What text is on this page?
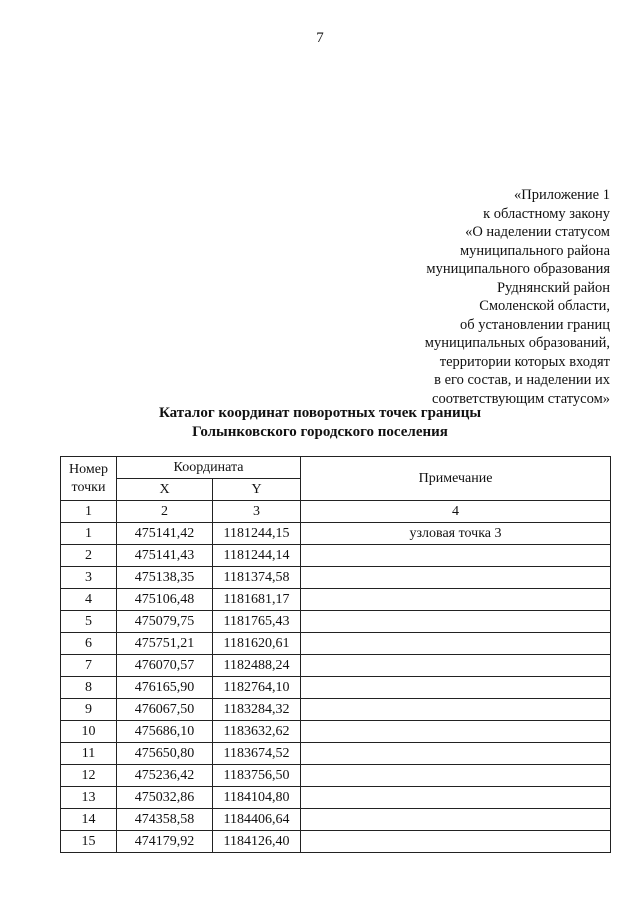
7
«Приложение 1
к областному закону
«О наделении статусом
муниципального района
муниципального образования
Руднянский район
Смоленской области,
об установлении границ
муниципальных образований,
территории которых входят
в его состав, и наделении их
соответствующим статусом»
Каталог координат поворотных точек границы
Голынковского городского поселения
Номер точки	Координата		Примечание
	X	Y	
1	2	3	4
1	475141,42	1181244,15	узловая точка 3
2	475141,43	1181244,14	
3	475138,35	1181374,58	
4	475106,48	1181681,17	
5	475079,75	1181765,43	
6	475751,21	1181620,61	
7	476070,57	1182488,24	
8	476165,90	1182764,10	
9	476067,50	1183284,32	
10	475686,10	1183632,62	
11	475650,80	1183674,52	
12	475236,42	1183756,50	
13	475032,86	1184104,80	
14	474358,58	1184406,64	
15	474179,92	1184126,40	
